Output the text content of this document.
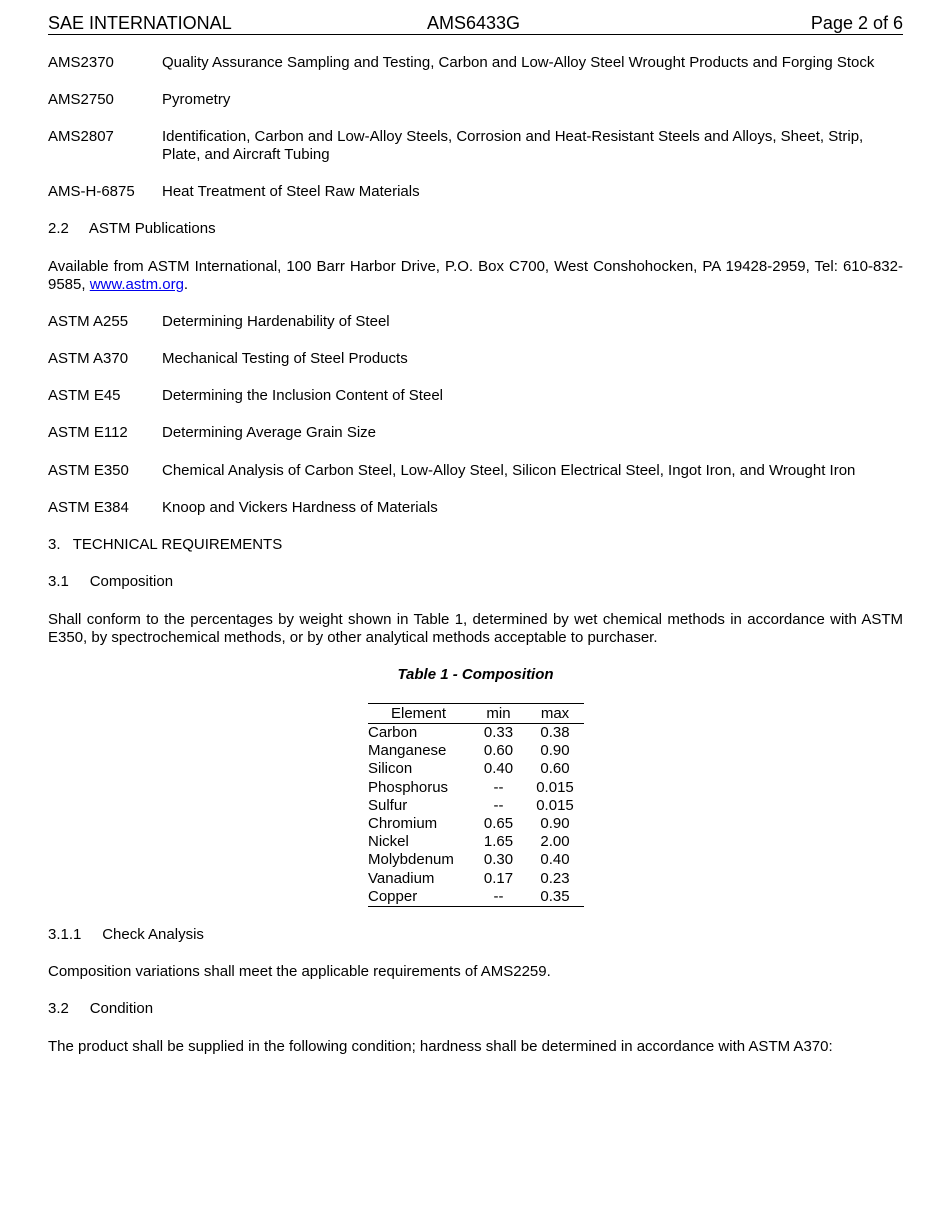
SAE INTERNATIONAL	AMS6433G	Page 2 of 6
AMS2370	Quality Assurance Sampling and Testing, Carbon and Low-Alloy Steel Wrought Products and Forging Stock
AMS2750	Pyrometry
AMS2807	Identification, Carbon and Low-Alloy Steels, Corrosion and Heat-Resistant Steels and Alloys, Sheet, Strip, Plate, and Aircraft Tubing
AMS-H-6875 Heat Treatment of Steel Raw Materials
2.2     ASTM Publications
Available from ASTM International, 100 Barr Harbor Drive, P.O. Box C700, West Conshohocken, PA 19428-2959, Tel: 610-832-9585, www.astm.org.
ASTM A255 Determining Hardenability of Steel
ASTM A370 Mechanical Testing of Steel Products
ASTM E45	Determining the Inclusion Content of Steel
ASTM E112 Determining Average Grain Size
ASTM E350 Chemical Analysis of Carbon Steel, Low-Alloy Steel, Silicon Electrical Steel, Ingot Iron, and Wrought Iron
ASTM E384 Knoop and Vickers Hardness of Materials
3.   TECHNICAL REQUIREMENTS
3.1     Composition
Shall conform to the percentages by weight shown in Table 1, determined by wet chemical methods in accordance with ASTM E350, by spectrochemical methods, or by other analytical methods acceptable to purchaser.
Table 1 - Composition
Element	min	max
Carbon	0.33	0.38
Manganese	0.60	0.90
Silicon	0.40	0.60
Phosphorus	--	0.015
Sulfur	--	0.015
Chromium	0.65	0.90
Nickel	1.65	2.00
Molybdenum	0.30	0.40
Vanadium	0.17	0.23
Copper	--	0.35
3.1.1     Check Analysis
Composition variations shall meet the applicable requirements of AMS2259.
3.2     Condition
The product shall be supplied in the following condition; hardness shall be determined in accordance with ASTM A370:
